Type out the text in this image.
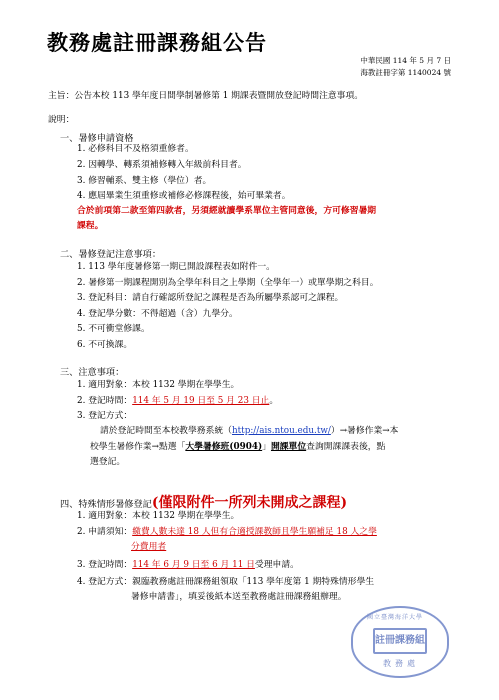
教務處註冊課務組公告
中華民國 114 年 5 月 7 日
海教註冊字第 1140024 號
主旨：公告本校 113 學年度日間學制暑修第 1 期課表暨開放登記時間注意事項。
說明：
一、暑修申請資格
1. 必修科目不及格須重修者。
2. 因轉學、轉系須補修轉入年級前科目者。
3. 修習輔系、雙主修（學位）者。
4. 應屆畢業生須重修或補修必修課程後，始可畢業者。
合於前項第二款至第四款者，另須經就讀學系單位主管同意後，方可修習暑期
課程。
二、暑修登記注意事項：
1. 113 學年度暑修第一期已開設課程表如附件一。
2. 暑修第一期課程開別為全學年科目之上學期（全學年一）或單學期之科目。
3. 登記科目：請自行確認所登記之課程是否為所屬學系認可之課程。
4. 登記學分數：不得超過（含）九學分。
5. 不可衝堂修課。
6. 不可換課。
三、注意事項：
1. 適用對象：本校 1132 學期在學學生。
2. 登記時間：114 年 5 月 19 日至 5 月 23 日止。
3. 登記方式：
請於登記時間至本校教學務系統（http://ais.ntou.edu.tw/）→暑修作業→本
校學生暑修作業→點選「大學暑修班(0904)」開課單位查詢開課課表後，點
選登記。
四、特殊情形暑修登記(僅限附件一所列未開成之課程)
1. 適用對象：本校 1132 學期在學學生。
2. 申請須知：繳費人數未達 18 人但有合適授課教師且學生願補足 18 人之學
分費用者
3. 登記時間：114 年 6 月 9 日至 6 月 11 日受理申請。
4. 登記方式：親臨教務處註冊課務組領取「113 學年度第 1 期特殊情形學生
暑修申請書」，填妥後紙本送至教務處註冊課務組辦理。
國立臺灣海洋大學
註冊課務組
教務處
